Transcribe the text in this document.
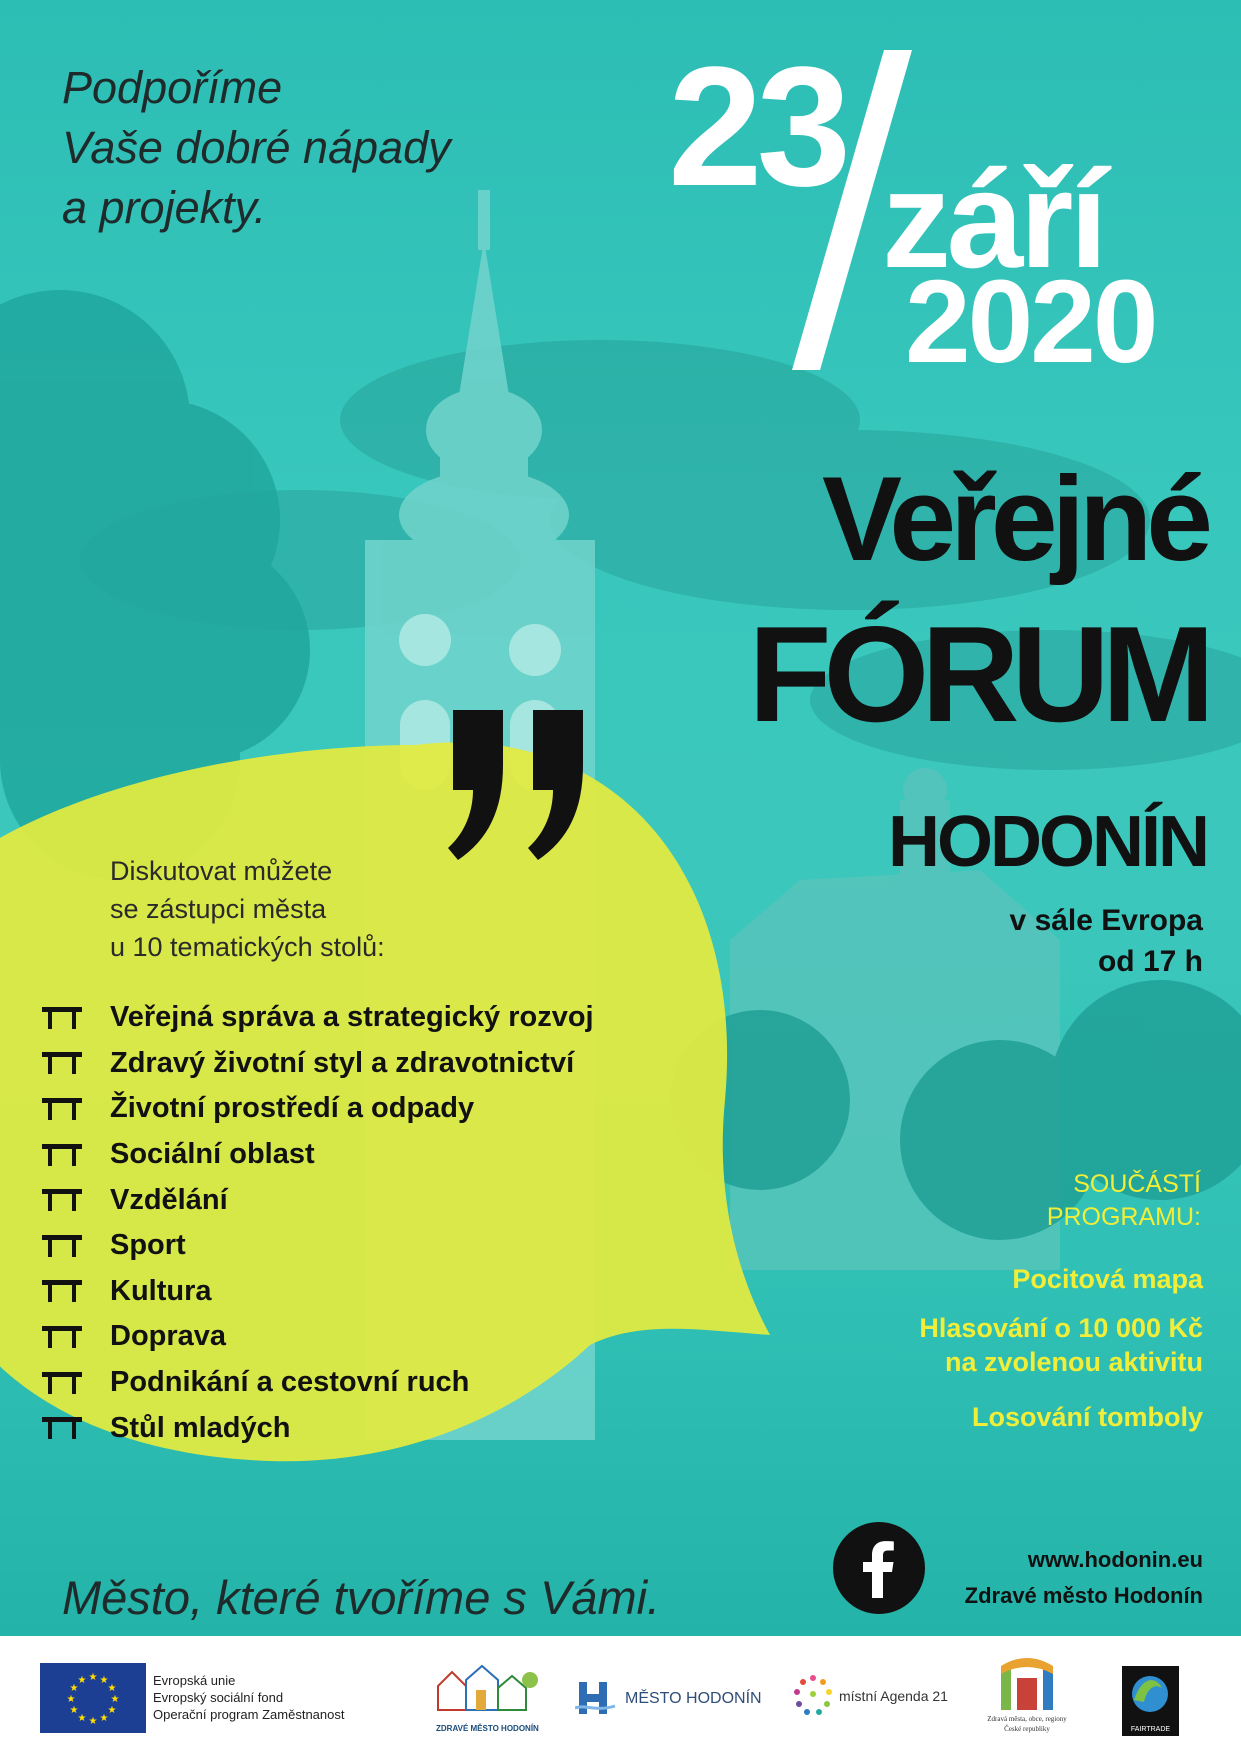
Podpoříme
Vaše dobré nápady
a projekty.	23 září
2020
Veřejné
FÓRUM
HODONÍN
v sále Evropa
od 17 h
Diskutovat můžete
se zástupci města
u 10 tematických stolů:
Veřejná správa a strategický rozvoj
Zdravý životní styl a zdravotnictví
Životní prostředí a odpady
Sociální oblast
Vzdělání
Sport
Kultura
Doprava
Podnikání a cestovní ruch
Stůl mladých
SOUČÁSTÍ
PROGRAMU:
Pocitová mapa
Hlasování o 10 000 Kč
na zvolenou aktivitu
Losování tomboly
www.hodonin.eu
Zdravé město Hodonín
Město, které tvoříme s Vámi.
★ ★
★
★
★
★
★
★
★
★
★
★	Evropská unie
Evropský sociální fond
Operační program Zaměstnanost
ZDRAVÉ MĚSTO HODONÍN
MĚSTO HODONÍN	místní Agenda 21
Zdravá města, obce, regiony
České republiky	FAIRTRADE
